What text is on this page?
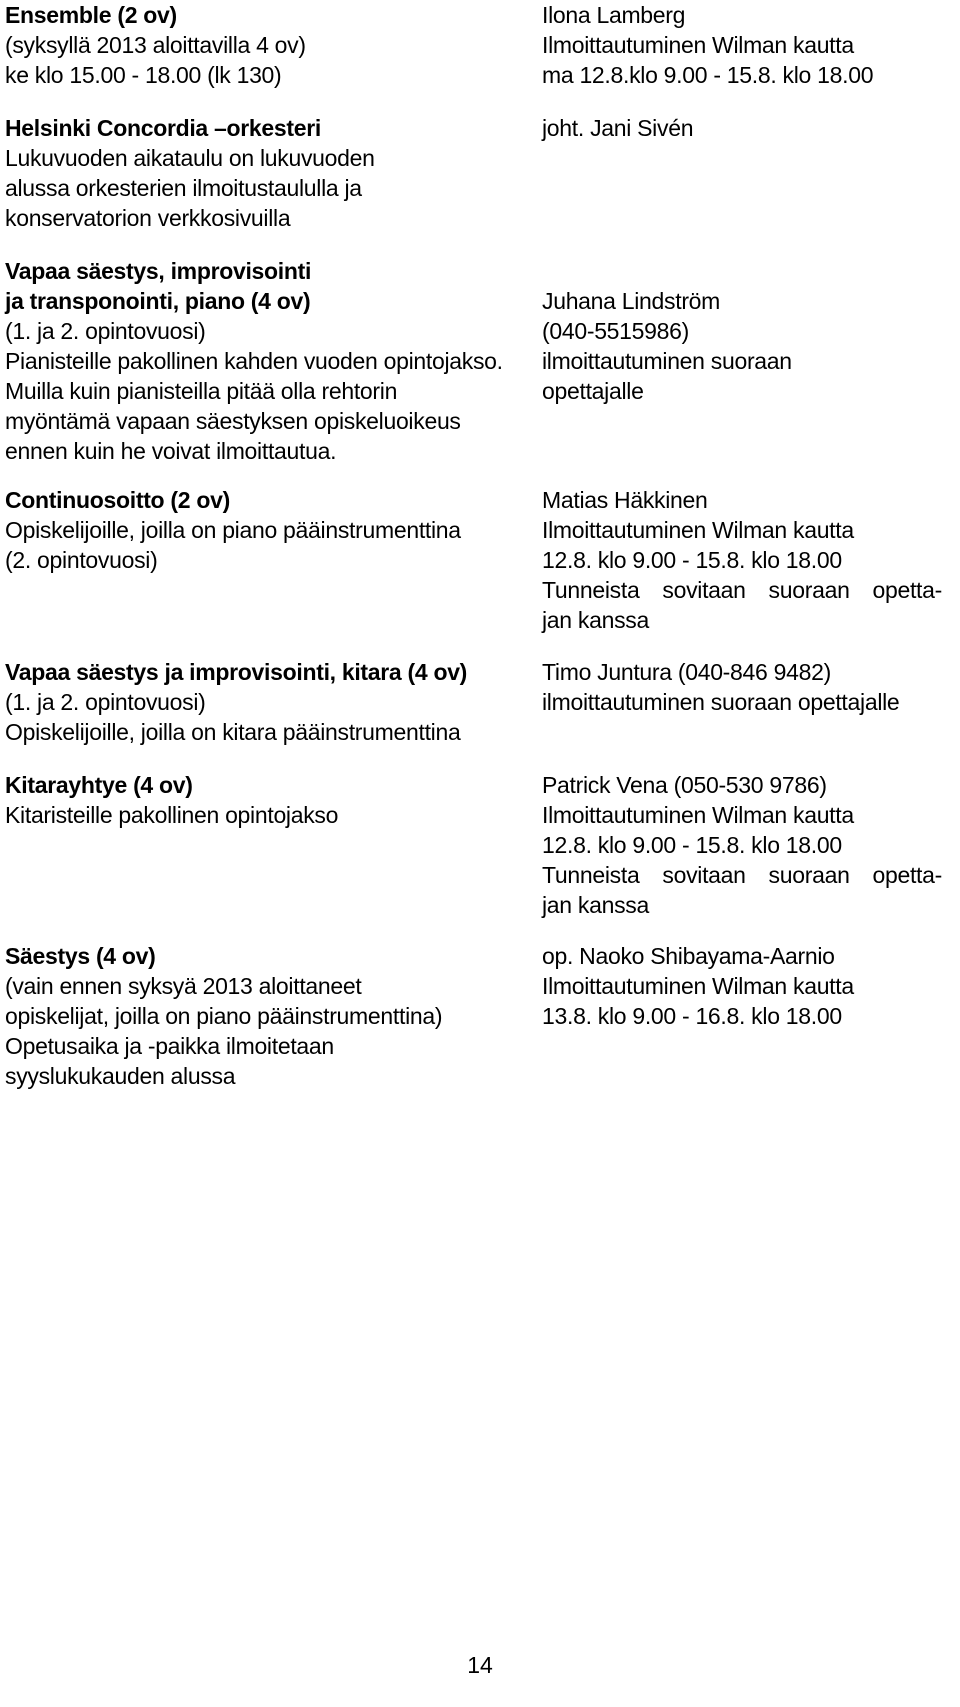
Ensemble (2 ov)
(syksyllä 2013 aloittavilla 4 ov)
ke klo 15.00 - 18.00 (lk 130)
Ilona Lamberg
Ilmoittautuminen Wilman kautta
ma 12.8.klo 9.00 - 15.8. klo 18.00
Helsinki Concordia –orkesteri
Lukuvuoden aikataulu on lukuvuoden
alussa orkesterien ilmoitustaululla ja
konservatorion verkkosivuilla
joht. Jani Sivén
Vapaa säestys, improvisointi
ja transponointi, piano (4 ov)
(1. ja 2. opintovuosi)
Pianisteille pakollinen kahden vuoden opintojakso.
Muilla kuin pianisteilla pitää olla rehtorin
myöntämä vapaan säestyksen opiskeluoikeus
ennen kuin he voivat ilmoittautua.
Juhana Lindström
(040-5515986)
ilmoittautuminen suoraan
opettajalle
Continuosoitto (2 ov)
Opiskelijoille, joilla on piano pääinstrumenttina
(2. opintovuosi)
Matias Häkkinen
Ilmoittautuminen Wilman kautta
12.8. klo 9.00 - 15.8. klo 18.00
Tunneista sovitaan suoraan opetta-
jan kanssa
Vapaa säestys ja improvisointi, kitara (4 ov)
(1. ja 2. opintovuosi)
Opiskelijoille, joilla on kitara pääinstrumenttina
Timo Juntura (040-846 9482)
ilmoittautuminen suoraan opettajalle
Kitarayhtye (4 ov)
Kitaristeille pakollinen opintojakso
Patrick Vena (050-530 9786)
Ilmoittautuminen Wilman kautta
12.8. klo 9.00 - 15.8. klo 18.00
Tunneista sovitaan suoraan opetta-
jan kanssa
Säestys (4 ov)
(vain ennen syksyä 2013 aloittaneet
opiskelijat, joilla on piano pääinstrumenttina)
Opetusaika ja -paikka ilmoitetaan
syyslukukauden alussa
op. Naoko Shibayama-Aarnio
Ilmoittautuminen Wilman kautta
13.8. klo 9.00 - 16.8. klo 18.00
14
